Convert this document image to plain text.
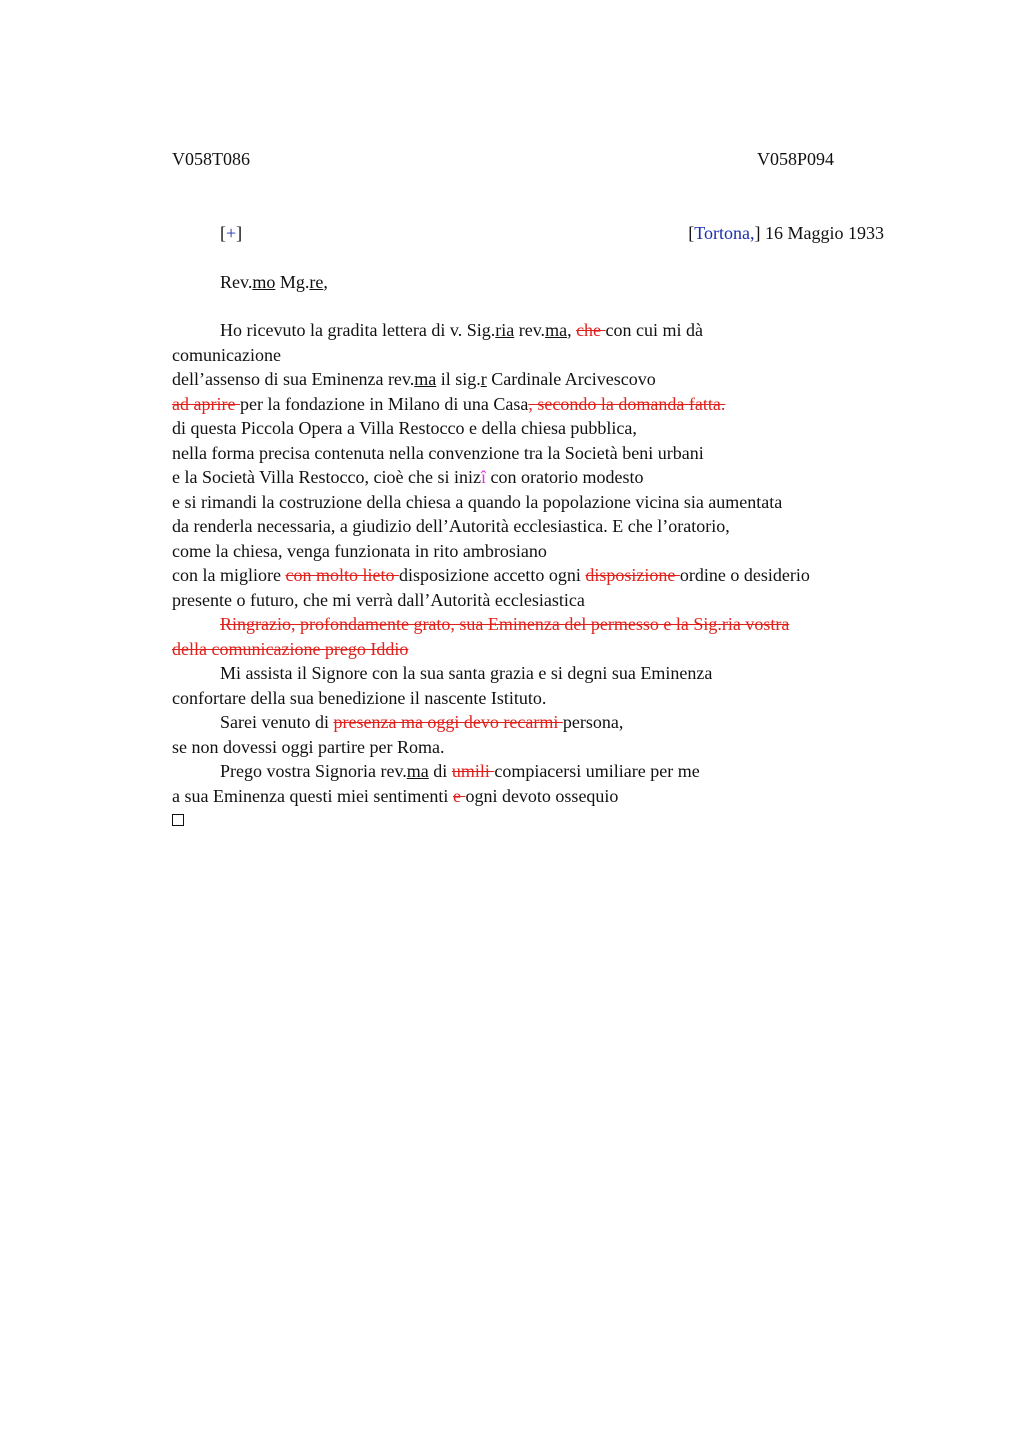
V058T086	V058P094
[+]	[Tortona,] 16 Maggio 1933
Rev.mo Mg.re,
Ho ricevuto la gradita lettera di v. Sig.ria rev.ma, che con cui mi dà
comunicazione
dell’assenso di sua Eminenza rev.ma il sig.r Cardinale Arcivescovo
ad aprire per la fondazione in Milano di una Casa, secondo la domanda fatta.
di questa Piccola Opera a Villa Restocco e della chiesa pubblica,
nella forma precisa contenuta nella convenzione tra la Società beni urbani
e la Società Villa Restocco, cioè che si inizî con oratorio modesto
e si rimandi la costruzione della chiesa a quando la popolazione vicina sia aumentata
da renderla necessaria, a giudizio dell’Autorità ecclesiastica. E che l’oratorio,
come la chiesa, venga funzionata in rito ambrosiano
con la migliore con molto lieto disposizione accetto ogni disposizione ordine o desiderio
presente o futuro, che mi verrà dall’Autorità ecclesiastica
Ringrazio, profondamente grato, sua Eminenza del permesso e la Sig.ria vostra
della comunicazione prego Iddio
Mi assista il Signore con la sua santa grazia e si degni sua Eminenza
confortare della sua benedizione il nascente Istituto.
Sarei venuto di presenza ma oggi devo recarmi persona,
se non dovessi oggi partire per Roma.
Prego vostra Signoria rev.ma di umili compiacersi umiliare per me
a sua Eminenza questi miei sentimenti e ogni devoto ossequio
